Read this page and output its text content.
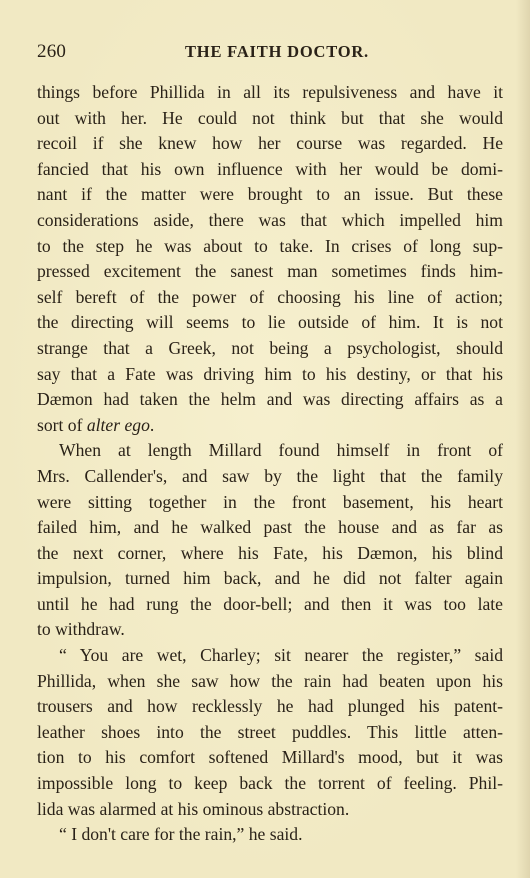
260	THE FAITH DOCTOR.
things before Phillida in all its repulsiveness and have it
out with her. He could not think but that she would
recoil if she knew how her course was regarded. He
fancied that his own influence with her would be domi-
nant if the matter were brought to an issue. But these
considerations aside, there was that which impelled him
to the step he was about to take. In crises of long sup-
pressed excitement the sanest man sometimes finds him-
self bereft of the power of choosing his line of action;
the directing will seems to lie outside of him. It is not
strange that a Greek, not being a psychologist, should
say that a Fate was driving him to his destiny, or that his
Dæmon had taken the helm and was directing affairs as a
sort of alter ego.
When at length Millard found himself in front of
Mrs. Callender's, and saw by the light that the family
were sitting together in the front basement, his heart
failed him, and he walked past the house and as far as
the next corner, where his Fate, his Dæmon, his blind
impulsion, turned him back, and he did not falter again
until he had rung the door-bell; and then it was too late
to withdraw.
“ You are wet, Charley; sit nearer the register,” said
Phillida, when she saw how the rain had beaten upon his
trousers and how recklessly he had plunged his patent-
leather shoes into the street puddles. This little atten-
tion to his comfort softened Millard's mood, but it was
impossible long to keep back the torrent of feeling. Phil-
lida was alarmed at his ominous abstraction.
“ I don't care for the rain,” he said.
